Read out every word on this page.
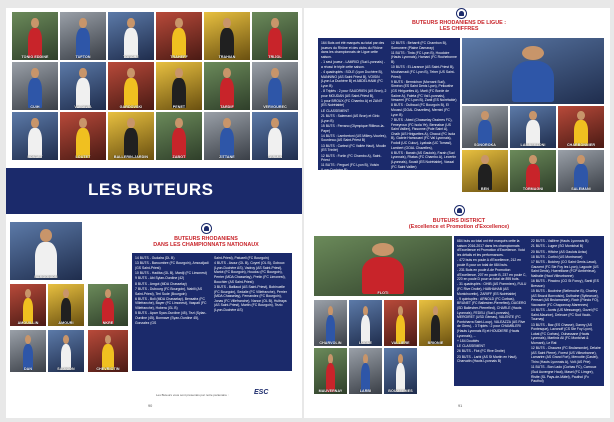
TONIO EDDINE	TUFTON	TORCHE	TRAHEFF	TRAHIAN	TRIJOL
CUIH	VALDIVIA	GARDOVSKI	PENET	TARDIF	VERVOUREC
PONALT	LOUTET	BALLERIN-JARDIN	ZABOT	ZITTANE	TERMIN
LES BUTEURS
BAROGNION
AMOUILLIN	AMOURI	NKRE
DAN	SAGNION	CHEVRIOTIN
BUTEURS RHODANIENS
DANS LES CHAMPIONNATS NATIONAUX

14 BUTS - Gudaira (DL B)

13 BUTS - Baroumbre (FC Bourgoin), Amoudjadi (GS Saint-Priest)

10 BUTS - Hadiba (GL B), Mardji (FC Limonest)

9 BUTS - Abi Sylan-Ourdine (42)

8 BUTS - Amgot (MDA Chasselay)

7 BUTS - Dubourg (FC Bourgoin), Nabili (AS Saint-Priest), Teri Sude (Bourgoin)

6 BUTS - Boli (MDA Chasselay), Bensafra (FC Villefranche), Bayer (FC Limonest), Vaspati (FC Villefranche), Hobera (GL B)

5 BUTS - Aparr Syan-Ourdine (45), Tezi (Sylan-Ourdine (45), Bonnave (Syan-Ourdine 45), Gonzalez (GS

Saint-Priest), Patuzeli (FC Bourgoin)

4 BUTS - Asour (OL B), Coyrel (OL B), Goboux (Lyon-Duchère AS), Vadroy (AS Saint-Priest), Mariot (FC Bourgoin), Houdou (FC Bourgoin), Perrier (MDA Chasselay), Pretin (FC Limonest), Bouchier (AS Saint-Priest)

3 BUTS - Baillaud (AS Saint-Priest), Bobinuelle (FC Bourgoin), Sedalie (FC Villefranche), Perrier (MDA Chasselay), Fernandez (FC Bourgoin), Jonas (FC Villefranche), Nanon (OL B), Hultraya (AS Saint-Priest), Martin (FC Bourgoin), Tezio (Lyon-Duchère AS)

Les Buteurs vous sont présentés par notre partenaire :	ESC
90
BUTEURS RHODANIENS DE LIGUE :
LES CHIFFRES

164 Buts ont été marqués au total par des joueurs du Rhône et des clubs du Rhône dans les championnats de Ligue cette saison.

- 1 seul joueur - LAMRICI (Sud Lyonnais) - a réussi le triplé cette saison.

- 4 quadruplés : SOLE (Lyon Duchère B), MANNINO (AS Saint Priest B), VOISIN (Lyon La Duchère B) et ABDELHAMI (FC Lyon B)

- 8 Triplés : 2 pour SAUDRIEN (AS Bron), 2 pour MOUDAN (AS Saint-Priest B),

1 pour BROUX (FC Chambo A) et ZANIT (ES Noirétable)

LE CLASSEMENT

21 BUTS : Salemani (AS Bron) et Girlo (Lyon B)

15 BUTS : Ferrano (Olympique Rillieux-la-Pape)

14 BUTS : Lambertoni (US Millery-Vourles), Sourdeau (AS Saint-Priest B)

13 BUTS : Cartezi (FC Vallée Haut), Moulin (ES Trinité)

12 BUTS : Fortin (FC Chambo A), Saint-Priest

11 BUTS : Ferguel (FC Lyon B), Voisin (Lyon Duchère B)

10 BUTS : Mannino (AS Saint-Priest B), Zelniti (Rillieux)

12 BUTS : Beharrit (FC Chambon B), Somonere (Plaine Damaray)

11 BUTS : Tinta (FC Lyon B), Houdoire (Hauts Lyonnais), Hamani (FC Rochebonne B)

10 BUTS : El-Larance (AS Saint-Priest B), Mouhamadi (FC Lyon B), Teber (US Saint-Priest)

9 BUTS : Bermichon (Mornant Sud), Siméon (ES Saint Denis Lyon), Pellowthe (GS Hiriguettes A), Marti (FC Borde de Saône A), Faleta (FC Val Lyonnais), Vessemi (FC Lyon B), Zanit (ES Noirétable)

8 BUTS : Ouibaud (FC Bourgoin B), El Moussi (GOAL Chazelles), Mernini (FC Lyon B)

7 BUTS : Abed (Chasselay Ossirres FC), Feneyroux (FC Isola Ye), Bennabar (US Saint Vallier), Fissonne (Pole Saint A), Chaib (AS Hiriguettes A), Chaoui (FC Isola B), Gabrie Hamouani (FC Val Lyonnais), Fodoll (UC Culoz), Lyakala (UC Tomasl), Lambert (GOAL Chazelles),

6 BUTS : Banab (AS Gaulois), Farah (Sud Lyonnais), Fitatas (FC Chambo A), Lecertin (Lyonnais), Sousit (ES Noirétable), Vassal (FC Saint Vallier)

SONOROKA	LAMBERTONI	CHARBONNIER
BEN	TORMAGNI	SALEMANI
BUTEURS DISTRICT
(Excellence et Promotion d'Excellence)
FLOTI
CHARVOLIN	LUGNE	VALLIERE	BRIONIE
MAUVERNAY	LARBI	BOUGERMES

684 buts au total ont été marqués cette la saison 2016-2017 dans les championnats d'Excellence et Promotion d'Excellence. Voici les détails et les performances.

- 472 buts en poule A d'Excellence, 212 en poule B pour un total de 684 buts.

- 231 Buts en poule A de Promotion d'Excellence, 207 en poule B, 237 en poule C, 220 en poule D pour un total de 895 buts.

- 31 quadruplés : OHIB (AS Pommiers), FULU (FC Rive Droite), HABHAHAB (AS Montchovetin), ZARIFF (ES Noirétable)

- 9 quintuplés : ARNOLD (FC Corbas), BRUNET (FC Ballestrer-Pierrefied), DAGERG (SD Ballestrer-Pierrefied), CHARLE (Hauts Lyonnais), FEDELI (Sud Lyonnais), MERGIRET (USD Gémas), VALENTE (FC Pontcharra Saint-Loup), VALEAZZA (AS Rive de Giers), - 3 Triplés : 2 pour CHAMBLERI (Hauts Lyonnais B) et HOUDIERE (Hauts Lyonnais), ...

+ 184 Doublés

LE CLASSEMENT

26 BUTS - Flot (FC Rive Droite)

23 BUTS - Larbi (AS St Martin en Haut), Charvatin (Hauts Lyonnais B)

22 BUTS - Vallière (Hauts Lyonnais B)

21 BUTS - Lugne (SO Montchal B)

20 BUTS - Hifiche (AS Gaulois Aviso)

18 BUTS - Cortini (US Montrance)

17 BUTS - Boichey (CO Saint Genis-Laval), Gauvent (FC Ste Foy les Lyon), Lagoute (US Saint Denis), Huerelliane (FCP Ambérieux), Nathalie (Haut Villeurbanne)

16 BUTS - Piracino (CO St Foncy), Santi (ES Bresson)

15 BUTS - Boubrine (Belleroche B), Charley (AS Bruzol Bonvoisin), Duthaine (Sylteanue), Pensari (AS Brulamonde), Roch (Pôndo FO), Vacosane (FC Chaponnay-Marennes)

14 BUTS - Aonts (US Messange), Gozel (FC Saint-Maurice), Deleuze (FC Sud Vaulx-Tournay)

13 BUTS - Baz (ES Chasse), Danny (AS Pontesque), Lavonoff (CS Ste Foy Lyon), Lubat (FC Corbas), Ouhassane (Hauts Lyonnais), Martiniz Ali (FC Montchat & Mornant), Le Rat

12 BUTS - Chauvez (FC Brulamonde), Delaire (AS Saint Pierre), Forest (US Villeurbanne), Lamartre (AS Grand Fort), Mercotte (Castel), Thiro (Hauts Lyonnais A), Volt (AS Prie)

11 BUTS - Bon Lado (Corbas FC), Carnoux (Sud Auvergne Haut), Masel (FC Limgre), Ristte (SL Pays-de-Mâtel), Pauthol (Fc Pauthol)

91
